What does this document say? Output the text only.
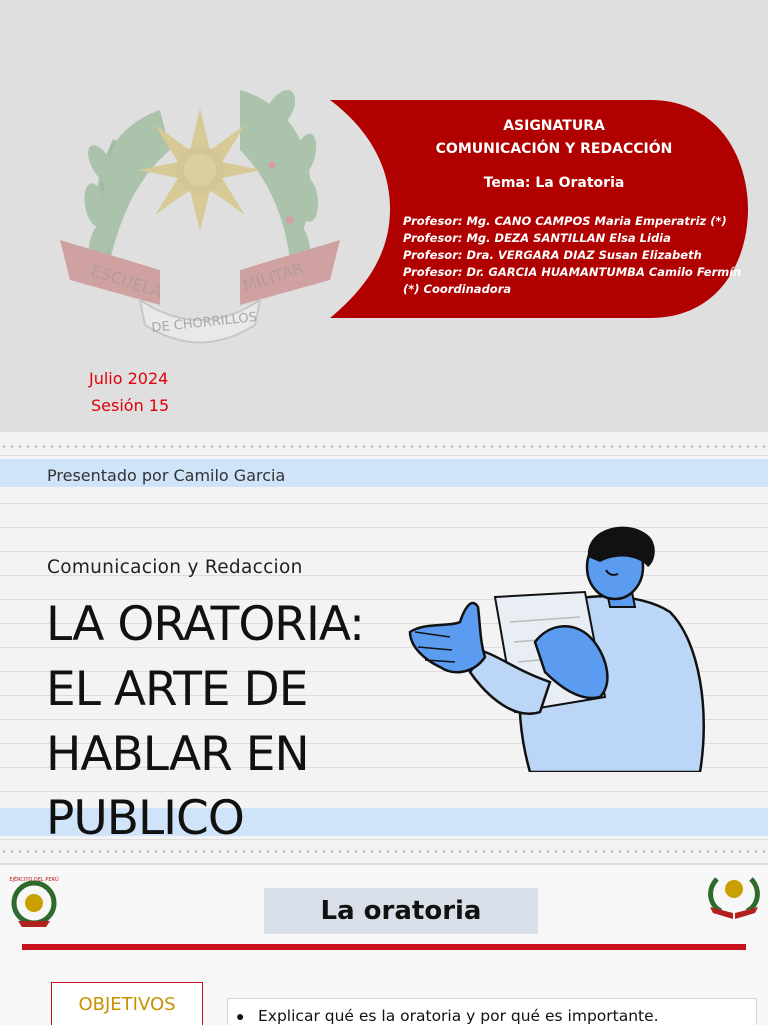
ESCUELA	MILITAR
DE CHORRILLOS
ASIGNATURA
COMUNICACIÓN Y REDACCIÓN
Tema: La Oratoria
Profesor: Mg. CANO CAMPOS Maria Emperatriz (*)
Profesor: Mg. DEZA SANTILLAN Elsa Lidia
Profesor: Dra. VERGARA DIAZ Susan Elizabeth
Profesor: Dr. GARCIA HUAMANTUMBA Camilo Fermín
(*) Coordinadora
Julio 2024
Sesión 15
Presentado por Camilo Garcia
Comunicacion y Redaccion
LA ORATORIA:
EL ARTE DE
HABLAR EN
PUBLICO
EJÉRCITO DEL PERÚ
La oratoria
OBJETIVOS
● Explicar qué es la oratoria y por qué es importante.
